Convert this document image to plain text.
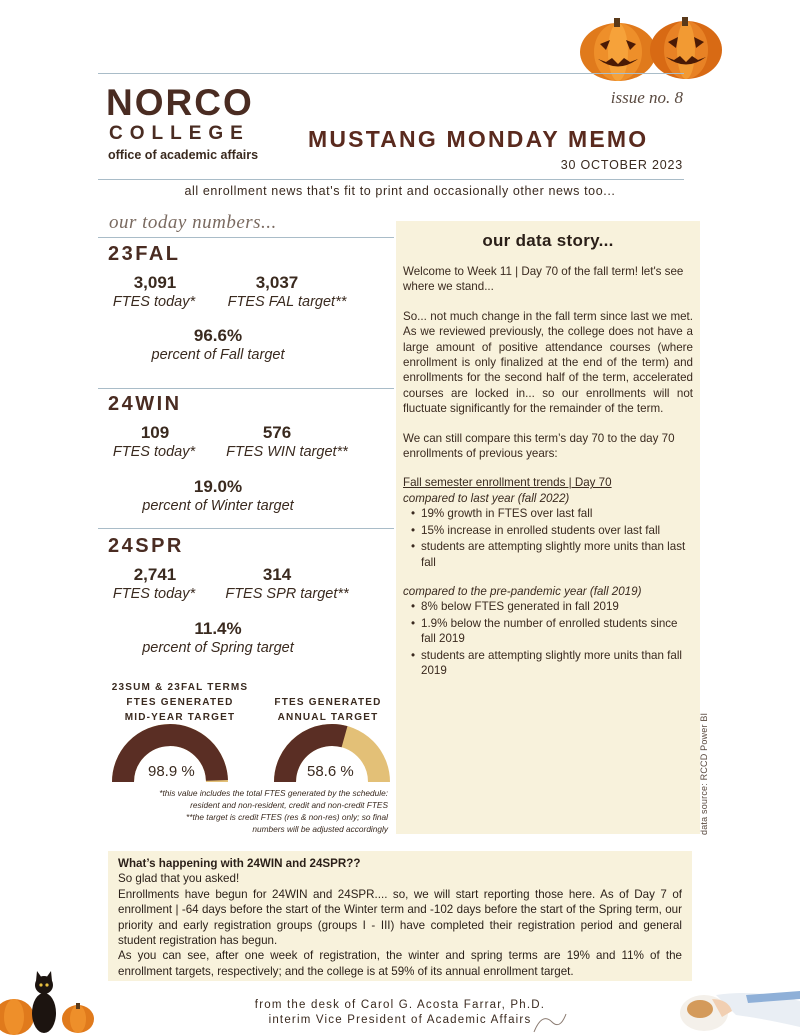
NORCO
COLLEGE
office of academic affairs
issue no. 8
MUSTANG MONDAY MEMO
30 OCTOBER 2023
all enrollment news that's fit to print and occasionally other news too...
our today numbers...
23FAL
3,091
FTES today*
3,037
FTES FAL target**
96.6%
percent of Fall target
24WIN
109
FTES today*
576
FTES WIN target**
19.0%
percent of Winter target
24SPR
2,741
FTES today*
314
FTES SPR target**
11.4%
percent of Spring target
23SUM & 23FAL TERMS
FTES GENERATED
MID-YEAR TARGET
FTES GENERATED
ANNUAL TARGET
98.9 %	58.6 %
*this value includes the total FTES generated by the schedule:
resident and non-resident, credit and non-credit FTES
**the target is credit FTES (res & non-res) only; so final
numbers will be adjusted accordingly
our data story...

Welcome to Week 11 | Day 70 of the fall term! let's see where we stand...

So... not much change in the fall term since last we met. As we reviewed previously, the college does not have a large amount of positive attendance courses (where enrollment is only finalized at the end of the term) and enrollments for the second half of the term, accelerated courses are locked in... so our enrollments will not fluctuate significantly for the remainder of the term.

We can still compare this term’s day 70 to the day 70 enrollments of previous years:

Fall semester enrollment trends | Day 70
compared to last year (fall 2022)
• 19% growth in FTES over last fall
• 15% increase in enrolled students over last fall
• students are attempting slightly more units than last fall
compared to the pre-pandemic year (fall 2019)
• 8% below FTES generated in fall 2019
• 1.9% below the number of enrolled students since fall 2019
• students are attempting slightly more units than fall 2019
data source: RCCD Power BI
What’s happening with 24WIN and 24SPR??
So glad that you asked!
Enrollments have begun for 24WIN and 24SPR.... so, we will start reporting those here. As of Day 7 of enrollment | -64 days before the start of the Winter term and -102 days before the start of the Spring term, our priority and early registration groups (groups I - III) have completed their registration period and general student registration has begun.
As you can see, after one week of registration, the winter and spring terms are 19% and 11% of the enrollment targets, respectively; and the college is at 59% of its annual enrollment target.
from the desk of Carol G. Acosta Farrar, Ph.D.
interim Vice President of Academic Affairs
